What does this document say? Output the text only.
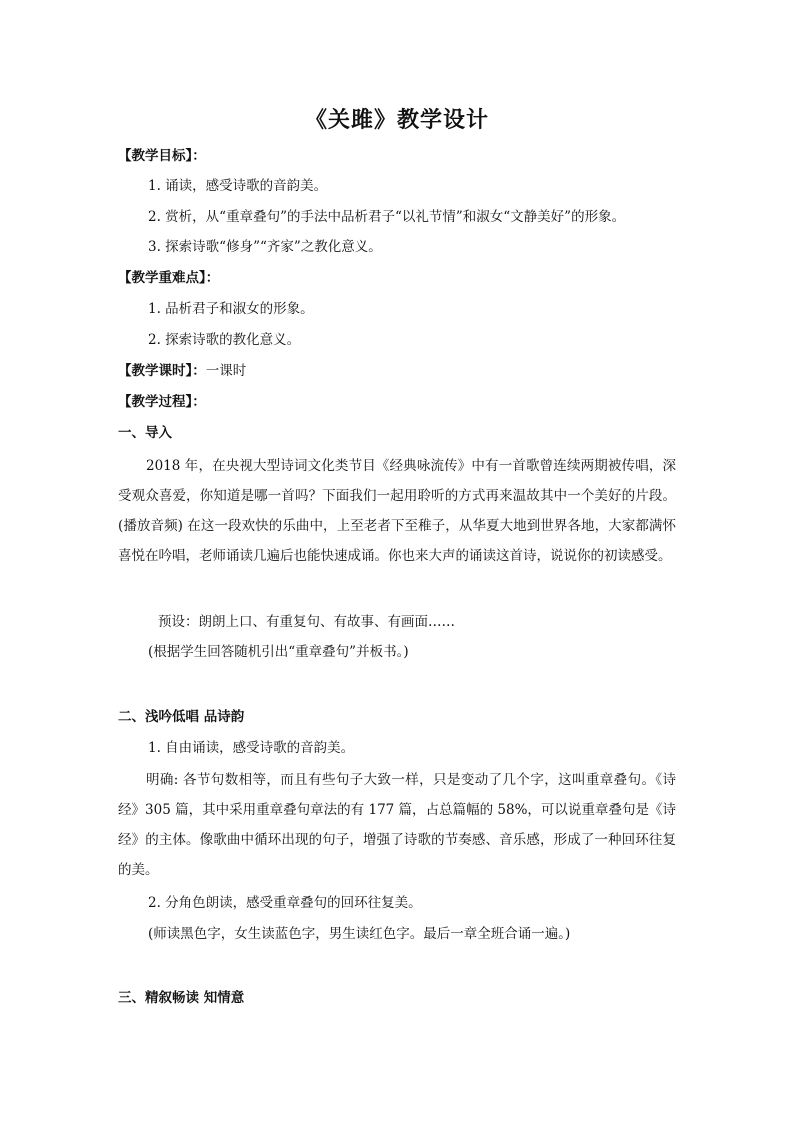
《关雎》教学设计
【教学目标】：
1. 诵读，感受诗歌的音韵美。
2. 赏析，从“重章叠句”的手法中品析君子“以礼节情”和淑女“文静美好”的形象。
3. 探索诗歌“修身”“齐家”之教化意义。
【教学重难点】：
1. 品析君子和淑女的形象。
2. 探索诗歌的教化意义。
【教学课时】：一课时
【教学过程】：
一、导入
2018 年，在央视大型诗词文化类节目《经典咏流传》中有一首歌曾连续两期被传唱，深受观众喜爱，你知道是哪一首吗？下面我们一起用聆听的方式再来温故其中一个美好的片段。(播放音频) 在这一段欢快的乐曲中，上至老者下至稚子，从华夏大地到世界各地，大家都满怀喜悦在吟唱，老师诵读几遍后也能快速成诵。你也来大声的诵读这首诗，说说你的初读感受。
预设：朗朗上口、有重复句、有故事、有画面……
(根据学生回答随机引出“重章叠句”并板书。)
二、浅吟低唱 品诗韵
1. 自由诵读，感受诗歌的音韵美。
明确: 各节句数相等，而且有些句子大致一样，只是变动了几个字，这叫重章叠句。《诗经》305 篇，其中采用重章叠句章法的有 177 篇，占总篇幅的 58%，可以说重章叠句是《诗经》的主体。像歌曲中循环出现的句子，增强了诗歌的节奏感、音乐感，形成了一种回环往复的美。
2. 分角色朗读，感受重章叠句的回环往复美。
(师读黑色字，女生读蓝色字，男生读红色字。最后一章全班合诵一遍。)
三、精叙畅读 知情意
